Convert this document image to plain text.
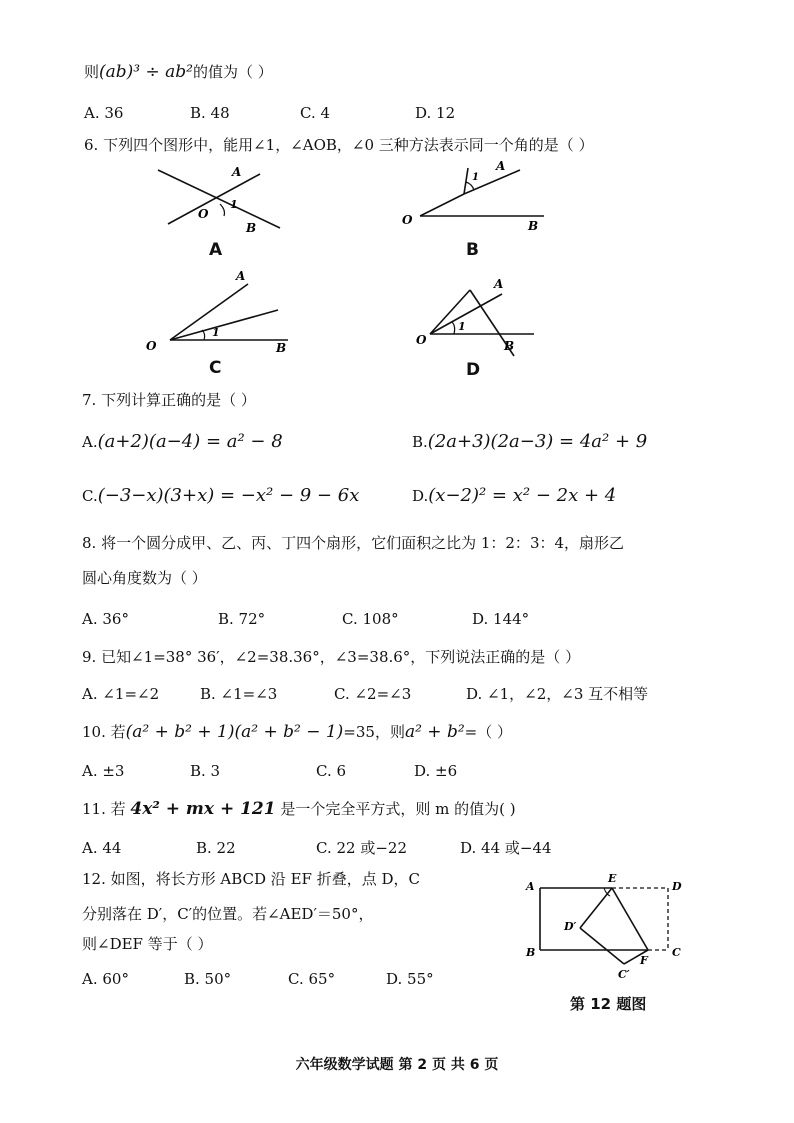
则(ab)³ ÷ ab²的值为（ ）
A. 36	B. 48	C. 4	D. 12
6. 下列四个图形中，能用∠1，∠AOB，∠0 三种方法表示同一个角的是（ ）
A
O
1
B
A
A
1
O	B
B
A
1
O	B
C
A
1
O	B
D
7. 下列计算正确的是（ ）
A.(a+2)(a−4) = a² − 8	B.(2a+3)(2a−3) = 4a² + 9
C.(−3−x)(3+x) = −x² − 9 − 6x	D.(x−2)² = x² − 2x + 4
8. 将一个圆分成甲、乙、丙、丁四个扇形，它们面积之比为 1：2：3：4，扇形乙
圆心角度数为（ ）
A. 36°	B. 72°	C. 108°	D. 144°
9. 已知∠1=38° 36′，∠2=38.36°，∠3=38.6°，下列说法正确的是（ ）
A. ∠1=∠2	B. ∠1=∠3	C. ∠2=∠3	D. ∠1，∠2，∠3 互不相等
10. 若(a² + b² + 1)(a² + b² − 1)=35，则a² + b²=（ ）
A. ±3	B. 3	C. 6	D. ±6
11. 若 4x² + mx + 121 是一个完全平方式，则 m 的值为( )
A. 44	B. 22	C. 22 或−22	D. 44 或−44
12. 如图，将长方形 ABCD 沿 EF 折叠，点 D，C
分别落在 D′，C′的位置。若∠AED′＝50°，
则∠DEF 等于（ ）
A. 60°	B. 50°	C. 65°	D. 55°
A
E
D
D′
B
F
C
C′
第 12 题图
六年级数学试题 第 2 页 共 6 页
